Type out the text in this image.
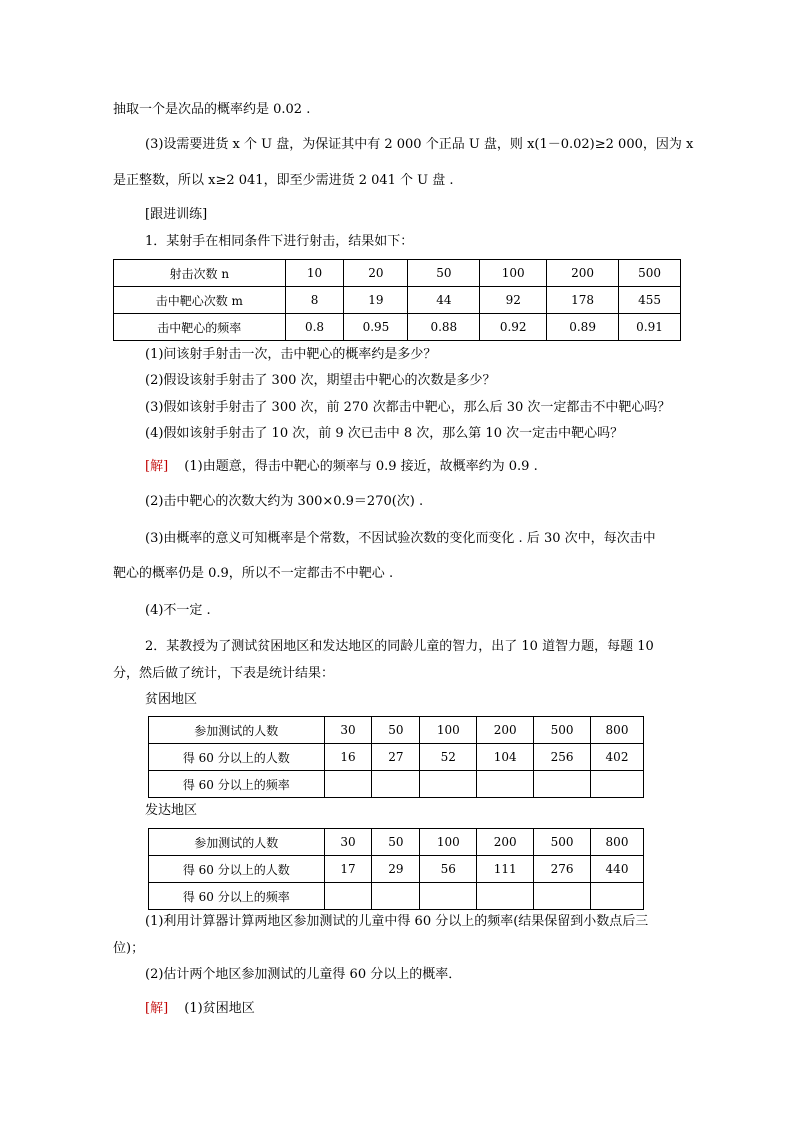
抽取一个是次品的概率约是 0.02 .
(3)设需要进货 x 个 U 盘，为保证其中有 2 000 个正品 U 盘，则 x(1－0.02)≥2 000，因为 x
是正整数，所以 x≥2 041，即至少需进货 2 041 个 U 盘 .
[跟进训练]
1．某射手在相同条件下进行射击，结果如下：
射击次数 n	10	20	50	100	200	500
击中靶心次数 m	8	19	44	92	178	455
击中靶心的频率	0.8	0.95	0.88	0.92	0.89	0.91
(1)问该射手射击一次，击中靶心的概率约是多少？
(2)假设该射手射击了 300 次，期望击中靶心的次数是多少？
(3)假如该射手射击了 300 次，前 270 次都击中靶心，那么后 30 次一定都击不中靶心吗？
(4)假如该射手射击了 10 次，前 9 次已击中 8 次，那么第 10 次一定击中靶心吗？
[解] (1)由题意，得击中靶心的频率与 0.9 接近，故概率约为 0.9 .
(2)击中靶心的次数大约为 300×0.9＝270(次) .
(3)由概率的意义可知概率是个常数，不因试验次数的变化而变化 . 后 30 次中，每次击中
靶心的概率仍是 0.9，所以不一定都击不中靶心 .
(4)不一定 .
2．某教授为了测试贫困地区和发达地区的同龄儿童的智力，出了 10 道智力题，每题 10
分，然后做了统计，下表是统计结果：
贫困地区
参加测试的人数	30	50	100	200	500	800
得 60 分以上的人数	16	27	52	104	256	402
得 60 分以上的频率						
发达地区
参加测试的人数	30	50	100	200	500	800
得 60 分以上的人数	17	29	56	111	276	440
得 60 分以上的频率						
(1)利用计算器计算两地区参加测试的儿童中得 60 分以上的频率(结果保留到小数点后三
位)；
(2)估计两个地区参加测试的儿童得 60 分以上的概率．
[解] (1)贫困地区
